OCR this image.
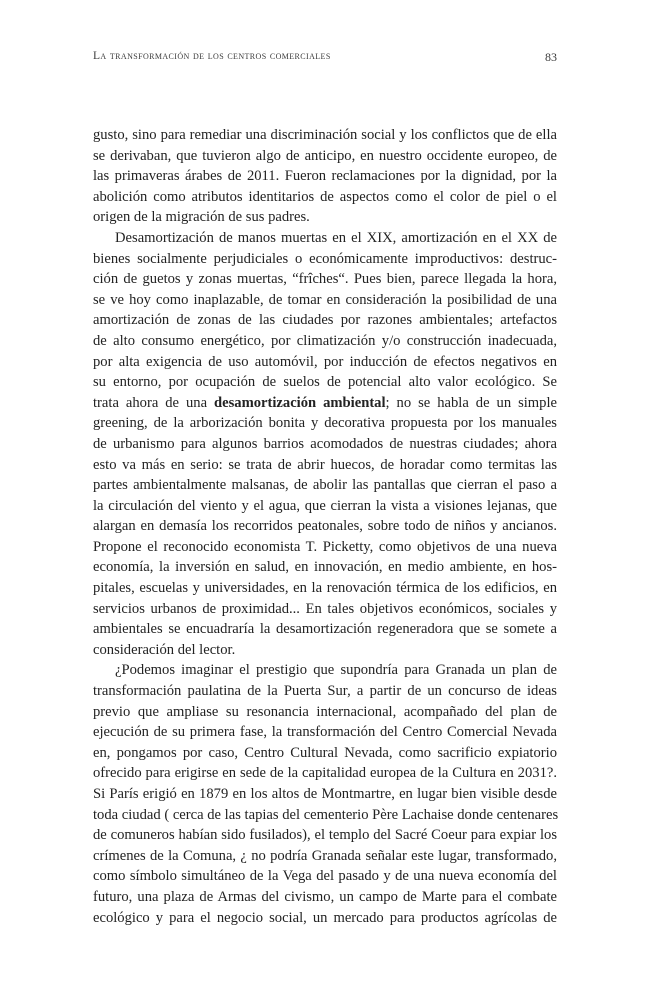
La transformación de los centros comerciales	83

gusto, sino para remediar una discriminación social y los conflictos que de ella
se derivaban, que tuvieron algo de anticipo, en nuestro occidente europeo, de
las primaveras árabes de 2011. Fueron reclamaciones por la dignidad, por la
abolición como atributos identitarios de aspectos como el color de piel o el
origen de la migración de sus padres.

Desamortización de manos muertas en el XIX, amortización en el XX de
bienes socialmente perjudiciales o económicamente improductivos: destruc-
ción de guetos y zonas muertas, “frîches“. Pues bien, parece llegada la hora,
se ve hoy como inaplazable, de tomar en consideración la posibilidad de una
amortización de zonas de las ciudades por razones ambientales; artefactos
de alto consumo energético, por climatización y/o construcción inadecuada,
por alta exigencia de uso automóvil, por inducción de efectos negativos en
su entorno, por ocupación de suelos de potencial alto valor ecológico. Se
trata ahora de una desamortización ambiental; no se habla de un simple
greening, de la arborización bonita y decorativa propuesta por los manuales
de urbanismo para algunos barrios acomodados de nuestras ciudades; ahora
esto va más en serio: se trata de abrir huecos, de horadar como termitas las
partes ambientalmente malsanas, de abolir las pantallas que cierran el paso a
la circulación del viento y el agua, que cierran la vista a visiones lejanas, que
alargan en demasía los recorridos peatonales, sobre todo de niños y ancianos.
Propone el reconocido economista T. Picketty, como objetivos de una nueva
economía, la inversión en salud, en innovación, en medio ambiente, en hos-
pitales, escuelas y universidades, en la renovación térmica de los edificios, en
servicios urbanos de proximidad... En tales objetivos económicos, sociales y
ambientales se encuadraría la desamortización regeneradora que se somete a
consideración del lector.

¿Podemos imaginar el prestigio que supondría para Granada un plan de
transformación paulatina de la Puerta Sur, a partir de un concurso de ideas
previo que ampliase su resonancia internacional, acompañado del plan de
ejecución de su primera fase, la transformación del Centro Comercial Nevada
en, pongamos por caso, Centro Cultural Nevada, como sacrificio expiatorio
ofrecido para erigirse en sede de la capitalidad europea de la Cultura en 2031?.
Si París erigió en 1879 en los altos de Montmartre, en lugar bien visible desde
toda ciudad ( cerca de las tapias del cementerio Père Lachaise donde centenares
de comuneros habían sido fusilados), el templo del Sacré Coeur para expiar los
crímenes de la Comuna, ¿ no podría Granada señalar este lugar, transformado,
como símbolo simultáneo de la Vega del pasado y de una nueva economía del
futuro, una plaza de Armas del civismo, un campo de Marte para el combate
ecológico y para el negocio social, un mercado para productos agrícolas de
